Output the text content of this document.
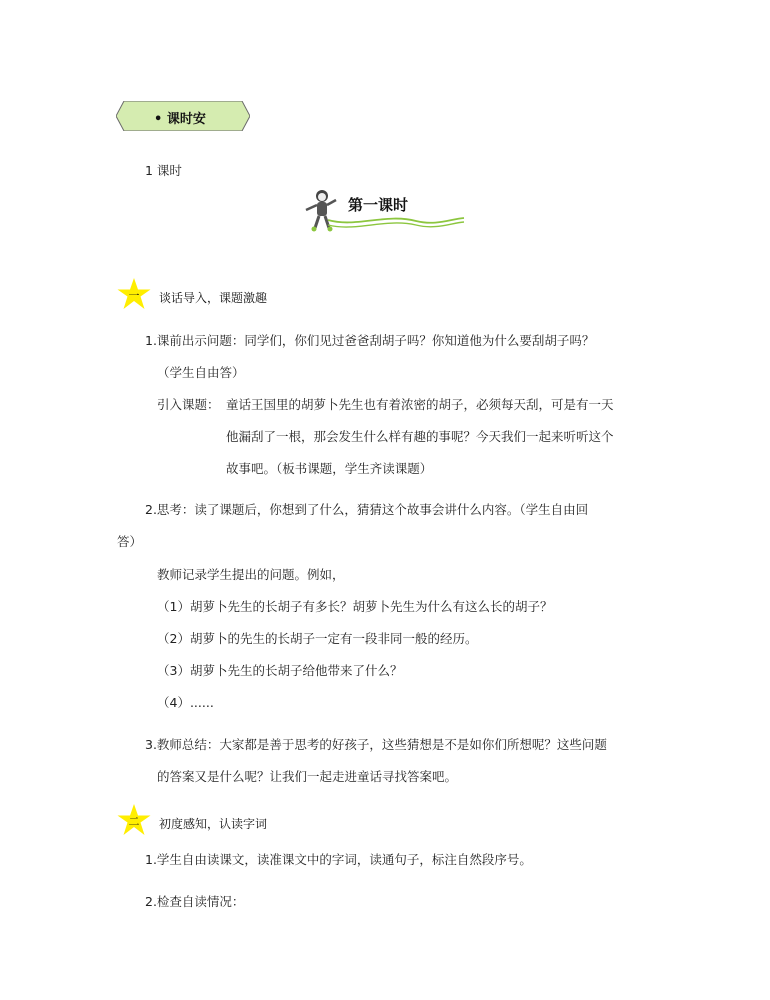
• 课时安
1 课时
第一课时
一	谈话导入，课题激趣
1.课前出示问题：同学们，你们见过爸爸刮胡子吗？你知道他为什么要刮胡子吗？
（学生自由答）
引入课题： 童话王国里的胡萝卜先生也有着浓密的胡子，必须每天刮，可是有一天
他漏刮了一根，那会发生什么样有趣的事呢？今天我们一起来听听这个
故事吧。（板书课题，学生齐读课题）
2.思考：读了课题后，你想到了什么，猜猜这个故事会讲什么内容。（学生自由回
答）
教师记录学生提出的问题。例如，
（1）胡萝卜先生的长胡子有多长？胡萝卜先生为什么有这么长的胡子？
（2）胡萝卜的先生的长胡子一定有一段非同一般的经历。
（3）胡萝卜先生的长胡子给他带来了什么？
（4）......
3.教师总结：大家都是善于思考的好孩子，这些猜想是不是如你们所想呢？这些问题
的答案又是什么呢？让我们一起走进童话寻找答案吧。
二	初度感知，认读字词
1.学生自由读课文，读准课文中的字词，读通句子，标注自然段序号。
2.检查自读情况：
